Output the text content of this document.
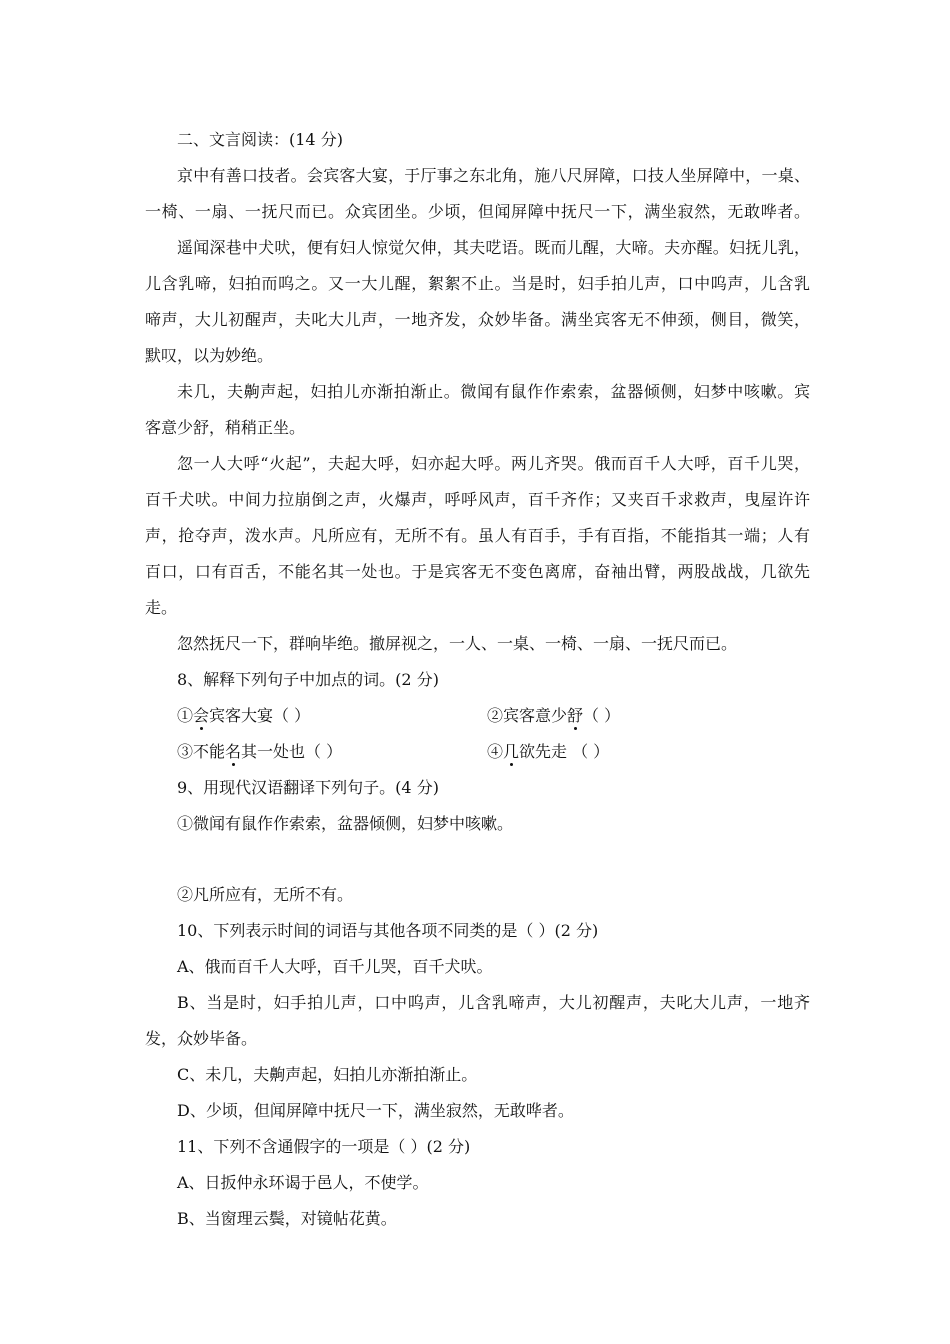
二、文言阅读：(14 分)
京中有善口技者。会宾客大宴，于厅事之东北角，施八尺屏障，口技人坐屏障中，一桌、
一椅、一扇、一抚尺而已。众宾团坐。少顷，但闻屏障中抚尺一下，满坐寂然，无敢哗者。
遥闻深巷中犬吠，便有妇人惊觉欠伸，其夫呓语。既而儿醒，大啼。夫亦醒。妇抚儿乳，
儿含乳啼，妇拍而呜之。又一大儿醒，絮絮不止。当是时，妇手拍儿声，口中呜声，儿含乳
啼声，大儿初醒声，夫叱大儿声，一地齐发，众妙毕备。满坐宾客无不伸颈，侧目，微笑，
默叹，以为妙绝。
未几，夫齁声起，妇拍儿亦渐拍渐止。微闻有鼠作作索索，盆器倾侧，妇梦中咳嗽。宾
客意少舒，稍稍正坐。
忽一人大呼“火起”，夫起大呼，妇亦起大呼。两儿齐哭。俄而百千人大呼，百千儿哭，
百千犬吠。中间力拉崩倒之声，火爆声，呼呼风声，百千齐作；又夹百千求救声，曳屋许许
声，抢夺声，泼水声。凡所应有，无所不有。虽人有百手，手有百指，不能指其一端；人有
百口，口有百舌，不能名其一处也。于是宾客无不变色离席，奋袖出臂，两股战战，几欲先
走。
忽然抚尺一下，群响毕绝。撤屏视之，一人、一桌、一椅、一扇、一抚尺而已。
8、解释下列句子中加点的词。(2 分)
①会宾客大宴（ ）	②宾客意少舒（ ）
③不能名其一处也（ ）	④几欲先走 （ ）
9、用现代汉语翻译下列句子。(4 分)
①微闻有鼠作作索索，盆器倾侧，妇梦中咳嗽。
②凡所应有，无所不有。
10、下列表示时间的词语与其他各项不同类的是（ ）(2 分)
A、俄而百千人大呼，百千儿哭，百千犬吠。
B、当是时，妇手拍儿声，口中呜声，儿含乳啼声，大儿初醒声，夫叱大儿声，一地齐
发，众妙毕备。
C、未几，夫齁声起，妇拍儿亦渐拍渐止。
D、少顷，但闻屏障中抚尺一下，满坐寂然，无敢哗者。
11、下列不含通假字的一项是（ ）(2 分)
A、日扳仲永环谒于邑人，不使学。
B、当窗理云鬓，对镜帖花黄。
